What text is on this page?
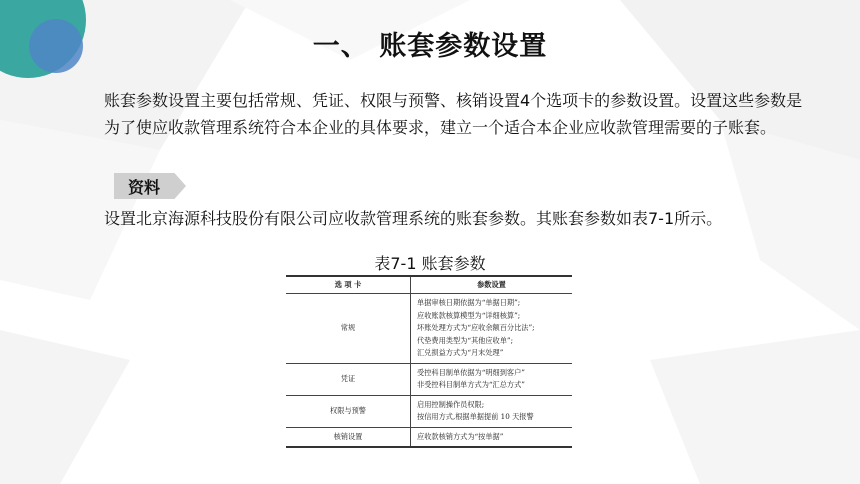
一、 账套参数设置
账套参数设置主要包括常规、凭证、权限与预警、核销设置4个选项卡的参数设置。设置这些参数是为了使应收款管理系统符合本企业的具体要求，建立一个适合本企业应收款管理需要的子账套。
资料
设置北京海源科技股份有限公司应收款管理系统的账套参数。其账套参数如表7-1所示。
表7-1 账套参数
选 项 卡	参数设置
常规	单据审核日期依据为“单据日期”;
应收账款核算模型为“详细核算”;
坏账处理方式为“应收余额百分比法”;
代垫费用类型为“其他应收单”;
汇兑损益方式为“月末处理”

凭证	受控科目制单依据为“明细到客户”
非受控科目制单方式为“汇总方式”

权限与预警	启用控制操作员权限;
按信用方式,根据单据提前 10 天报警

核销设置	应收款核销方式为“按单据”
